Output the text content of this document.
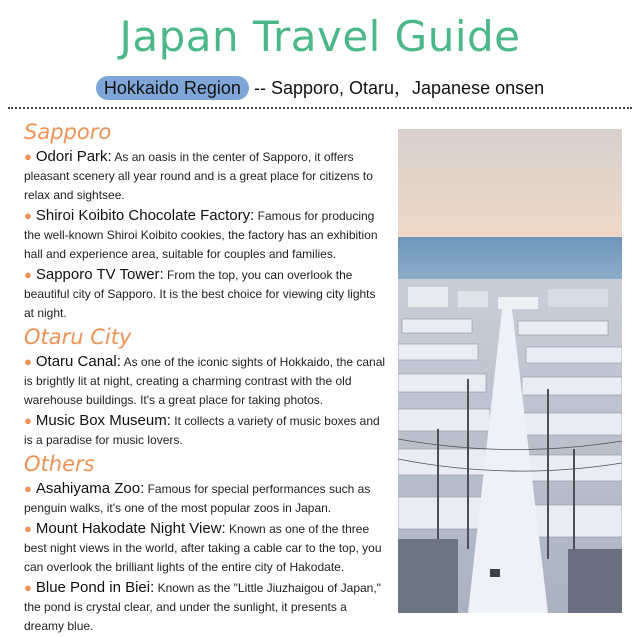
Japan Travel Guide
Hokkaido Region -- Sapporo, Otaru，Japanese onsen
Sapporo
● Odori Park: As an oasis in the center of Sapporo, it offers pleasant scenery all year round and is a great place for citizens to relax and sightsee.
● Shiroi Koibito Chocolate Factory: Famous for producing the well-known Shiroi Koibito cookies, the factory has an exhibition hall and experience area, suitable for couples and families.
● Sapporo TV Tower: From the top, you can overlook the beautiful city of Sapporo. It is the best choice for viewing city lights at night.
Otaru City
● Otaru Canal: As one of the iconic sights of Hokkaido, the canal is brightly lit at night, creating a charming contrast with the old warehouse buildings. It's a great place for taking photos.
● Music Box Museum: It collects a variety of music boxes and is a paradise for music lovers.
Others
● Asahiyama Zoo: Famous for special performances such as penguin walks, it's one of the most popular zoos in Japan.
● Mount Hakodate Night View: Known as one of the three best night views in the world, after taking a cable car to the top, you can overlook the brilliant lights of the entire city of Hakodate.
● Blue Pond in Biei: Known as the "Little Jiuzhaigou of Japan," the pond is crystal clear, and under the sunlight, it presents a dreamy blue.
